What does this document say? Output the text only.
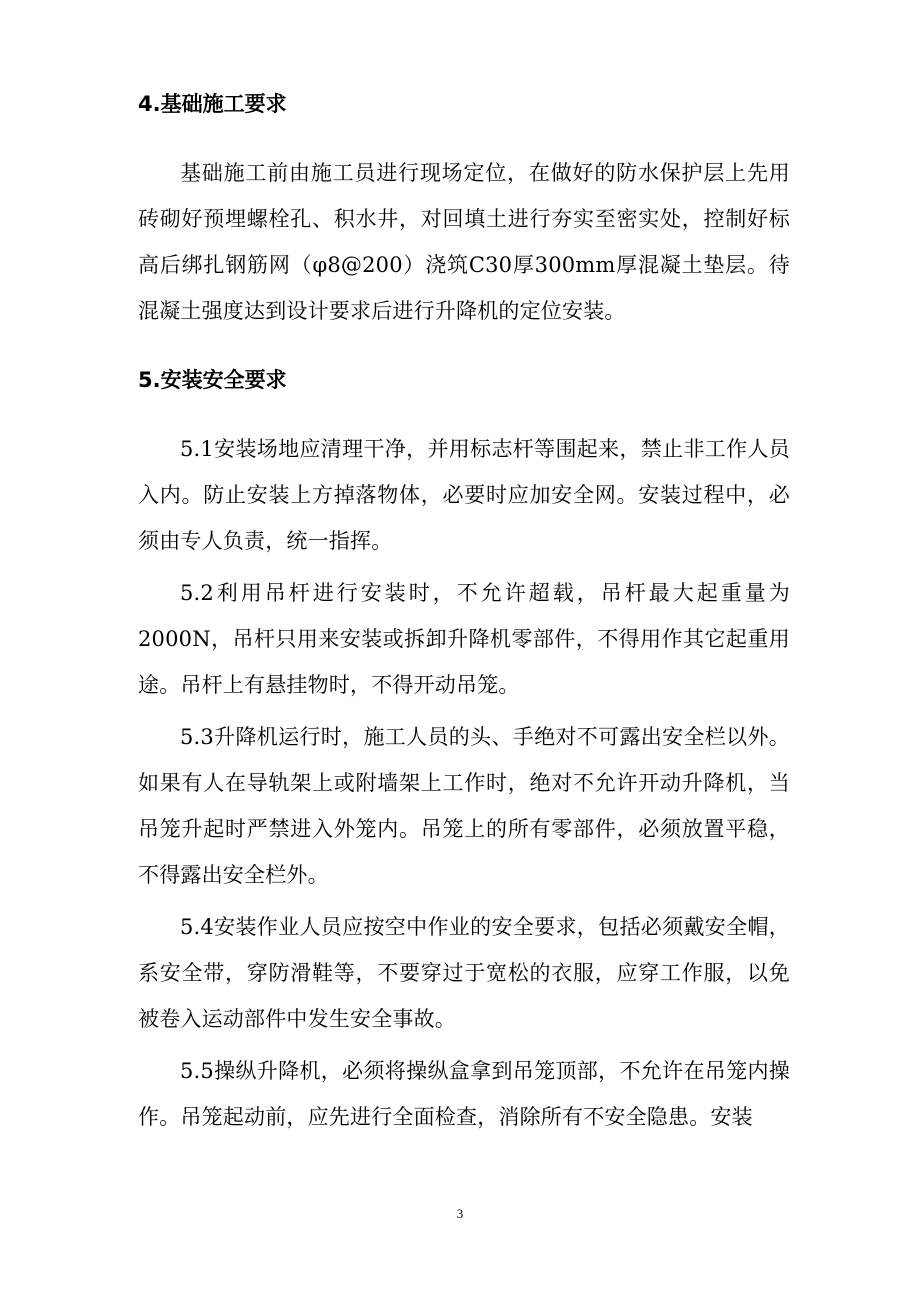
4.基础施工要求

基础施工前由施工员进行现场定位，在做好的防水保护层上先用砖砌好预埋螺栓孔、积水井，对回填土进行夯实至密实处，控制好标高后绑扎钢筋网（φ8@200）浇筑C30厚300mm厚混凝土垫层。待混凝土强度达到设计要求后进行升降机的定位安装。

5.安装安全要求

5.1安装场地应清理干净，并用标志杆等围起来，禁止非工作人员入内。防止安装上方掉落物体，必要时应加安全网。安装过程中，必须由专人负责，统一指挥。

5.2利用吊杆进行安装时，不允许超载，吊杆最大起重量为2000N，吊杆只用来安装或拆卸升降机零部件，不得用作其它起重用途。吊杆上有悬挂物时，不得开动吊笼。

5.3升降机运行时，施工人员的头、手绝对不可露出安全栏以外。如果有人在导轨架上或附墙架上工作时，绝对不允许开动升降机，当吊笼升起时严禁进入外笼内。吊笼上的所有零部件，必须放置平稳，不得露出安全栏外。

5.4安装作业人员应按空中作业的安全要求，包括必须戴安全帽，系安全带，穿防滑鞋等，不要穿过于宽松的衣服，应穿工作服，以免被卷入运动部件中发生安全事故。

5.5操纵升降机，必须将操纵盒拿到吊笼顶部，不允许在吊笼内操作。吊笼起动前，应先进行全面检查，消除所有不安全隐患。安装

3
